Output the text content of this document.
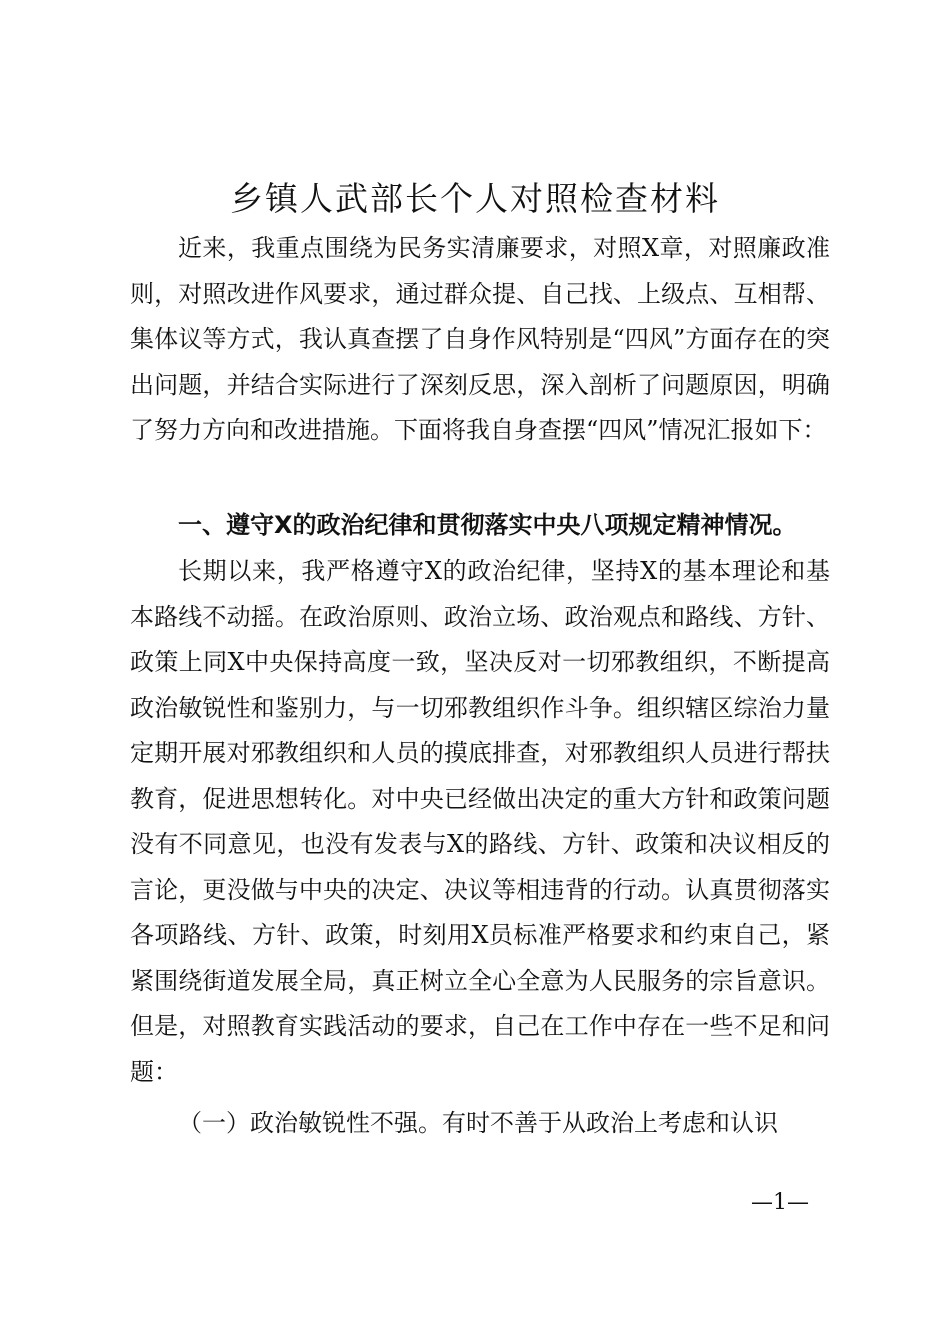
乡镇人武部长个人对照检查材料

近来，我重点围绕为民务实清廉要求，对照X章，对照廉政准则，对照改进作风要求，通过群众提、自己找、上级点、互相帮、集体议等方式，我认真查摆了自身作风特别是“四风”方面存在的突出问题，并结合实际进行了深刻反思，深入剖析了问题原因，明确了努力方向和改进措施。下面将我自身查摆“四风”情况汇报如下：

一、遵守X的政治纪律和贯彻落实中央八项规定精神情况。

长期以来，我严格遵守X的政治纪律，坚持X的基本理论和基本路线不动摇。在政治原则、政治立场、政治观点和路线、方针、政策上同X中央保持高度一致，坚决反对一切邪教组织，不断提高政治敏锐性和鉴别力，与一切邪教组织作斗争。组织辖区综治力量定期开展对邪教组织和人员的摸底排查，对邪教组织人员进行帮扶教育，促进思想转化。对中央已经做出决定的重大方针和政策问题没有不同意见，也没有发表与X的路线、方针、政策和决议相反的言论，更没做与中央的决定、决议等相违背的行动。认真贯彻落实各项路线、方针、政策，时刻用X员标准严格要求和约束自己，紧紧围绕街道发展全局，真正树立全心全意为人民服务的宗旨意识。但是，对照教育实践活动的要求，自己在工作中存在一些不足和问题：

（一）政治敏锐性不强。有时不善于从政治上考虑和认识

—1—
